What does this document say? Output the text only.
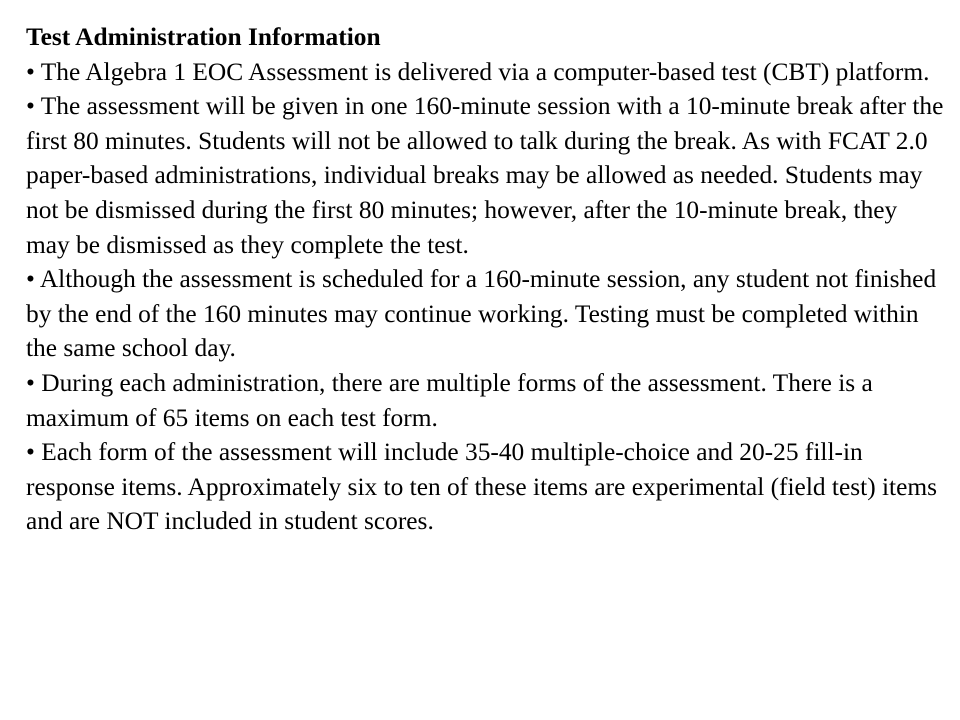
Test Administration Information

• The Algebra 1 EOC Assessment is delivered via a computer-based test (CBT) platform.

• The assessment will be given in one 160-minute session with a 10-minute break after the first 80 minutes. Students will not be allowed to talk during the break. As with FCAT 2.0 paper-based administrations, individual breaks may be allowed as needed. Students may not be dismissed during the first 80 minutes; however, after the 10-minute break, they may be dismissed as they complete the test.

• Although the assessment is scheduled for a 160-minute session, any student not finished by the end of the 160 minutes may continue working. Testing must be completed within the same school day.

• During each administration, there are multiple forms of the assessment. There is a maximum of 65 items on each test form.

• Each form of the assessment will include 35-40 multiple-choice and 20-25 fill-in response items. Approximately six to ten of these items are experimental (field test) items and are NOT included in student scores.
